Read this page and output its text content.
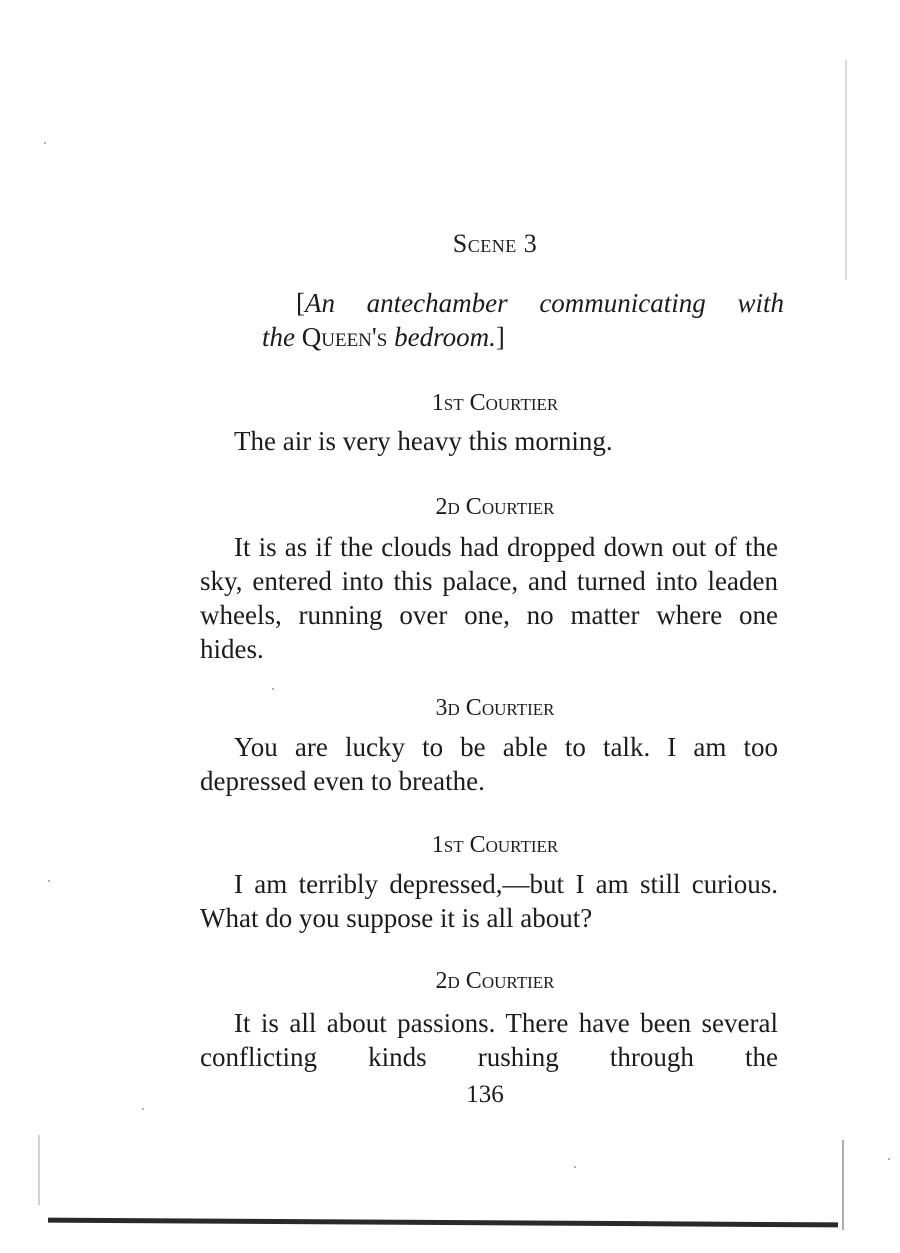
Scene 3
[An antechamber communicating with
the Queen's bedroom.]
1st Courtier
The air is very heavy this morning.
2d Courtier
It is as if the clouds had dropped down out of the sky, entered into this palace, and turned into leaden wheels, running over one, no matter where one hides.
3d Courtier
You are lucky to be able to talk. I am too depressed even to breathe.
1st Courtier
I am terribly depressed,—but I am still curious. What do you suppose it is all about?
2d Courtier
It is all about passions. There have been several conflicting kinds rushing through the
136
